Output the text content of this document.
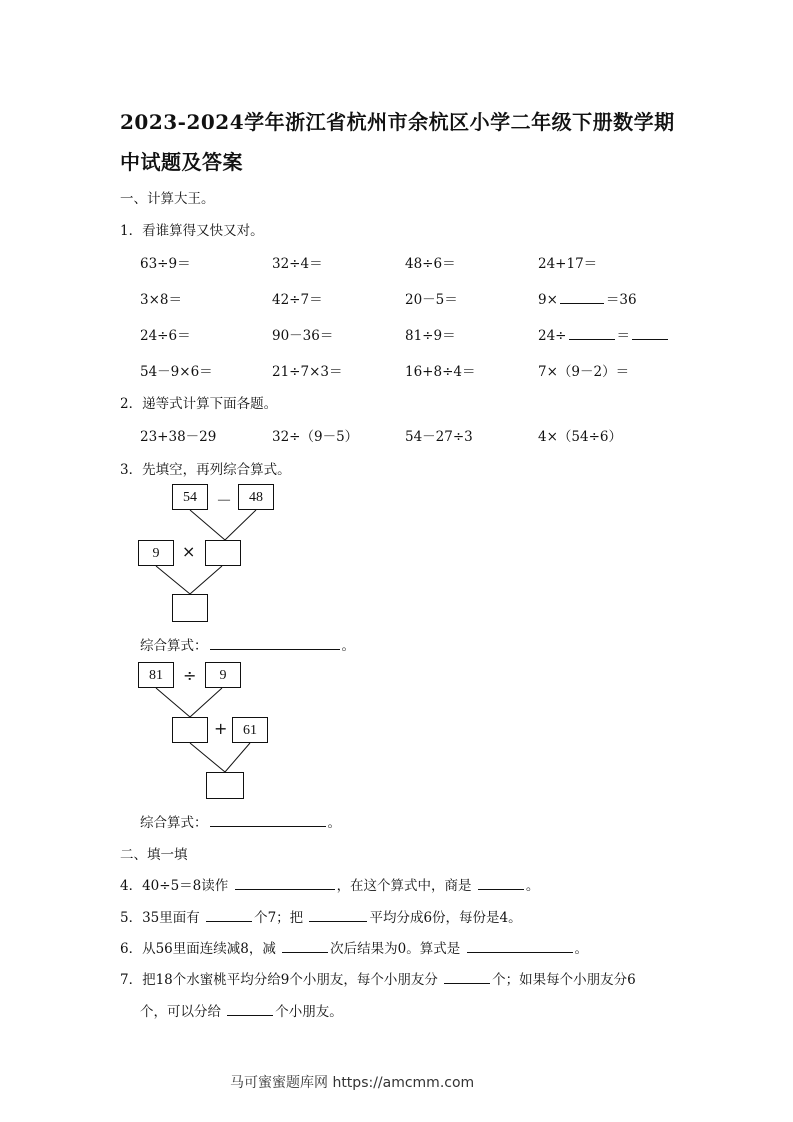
2023-2024学年浙江省杭州市余杭区小学二年级下册数学期
中试题及答案
一、计算大王。
1．看谁算得又快又对。
63÷9＝	32÷4＝	48÷6＝	24+17＝
3×8＝	42÷7＝	20－5＝	9×	＝36
24÷6＝	90－36＝	81÷9＝	24÷	＝
54－9×6＝	21÷7×3＝	16+8÷4＝	7×（9－2）＝
2．递等式计算下面各题。
23+38－29	32÷（9－5）	54－27÷3	4×（54÷6）
3．先填空，再列综合算式。
54	－	48
9	×
综合算式：	。
81	÷	9
+	61
综合算式：	。
二、填一填
4．40÷5＝8读作	，在这个算式中，商是	。
5．35里面有	个7；把	平均分成6份，每份是4。
6．从56里面连续减8，减	次后结果为0。算式是	。
7．把18个水蜜桃平均分给9个小朋友，每个小朋友分	个；如果每个小朋友分6
个，可以分给	个小朋友。
马可蜜蜜题库网 https://amcmm.com
